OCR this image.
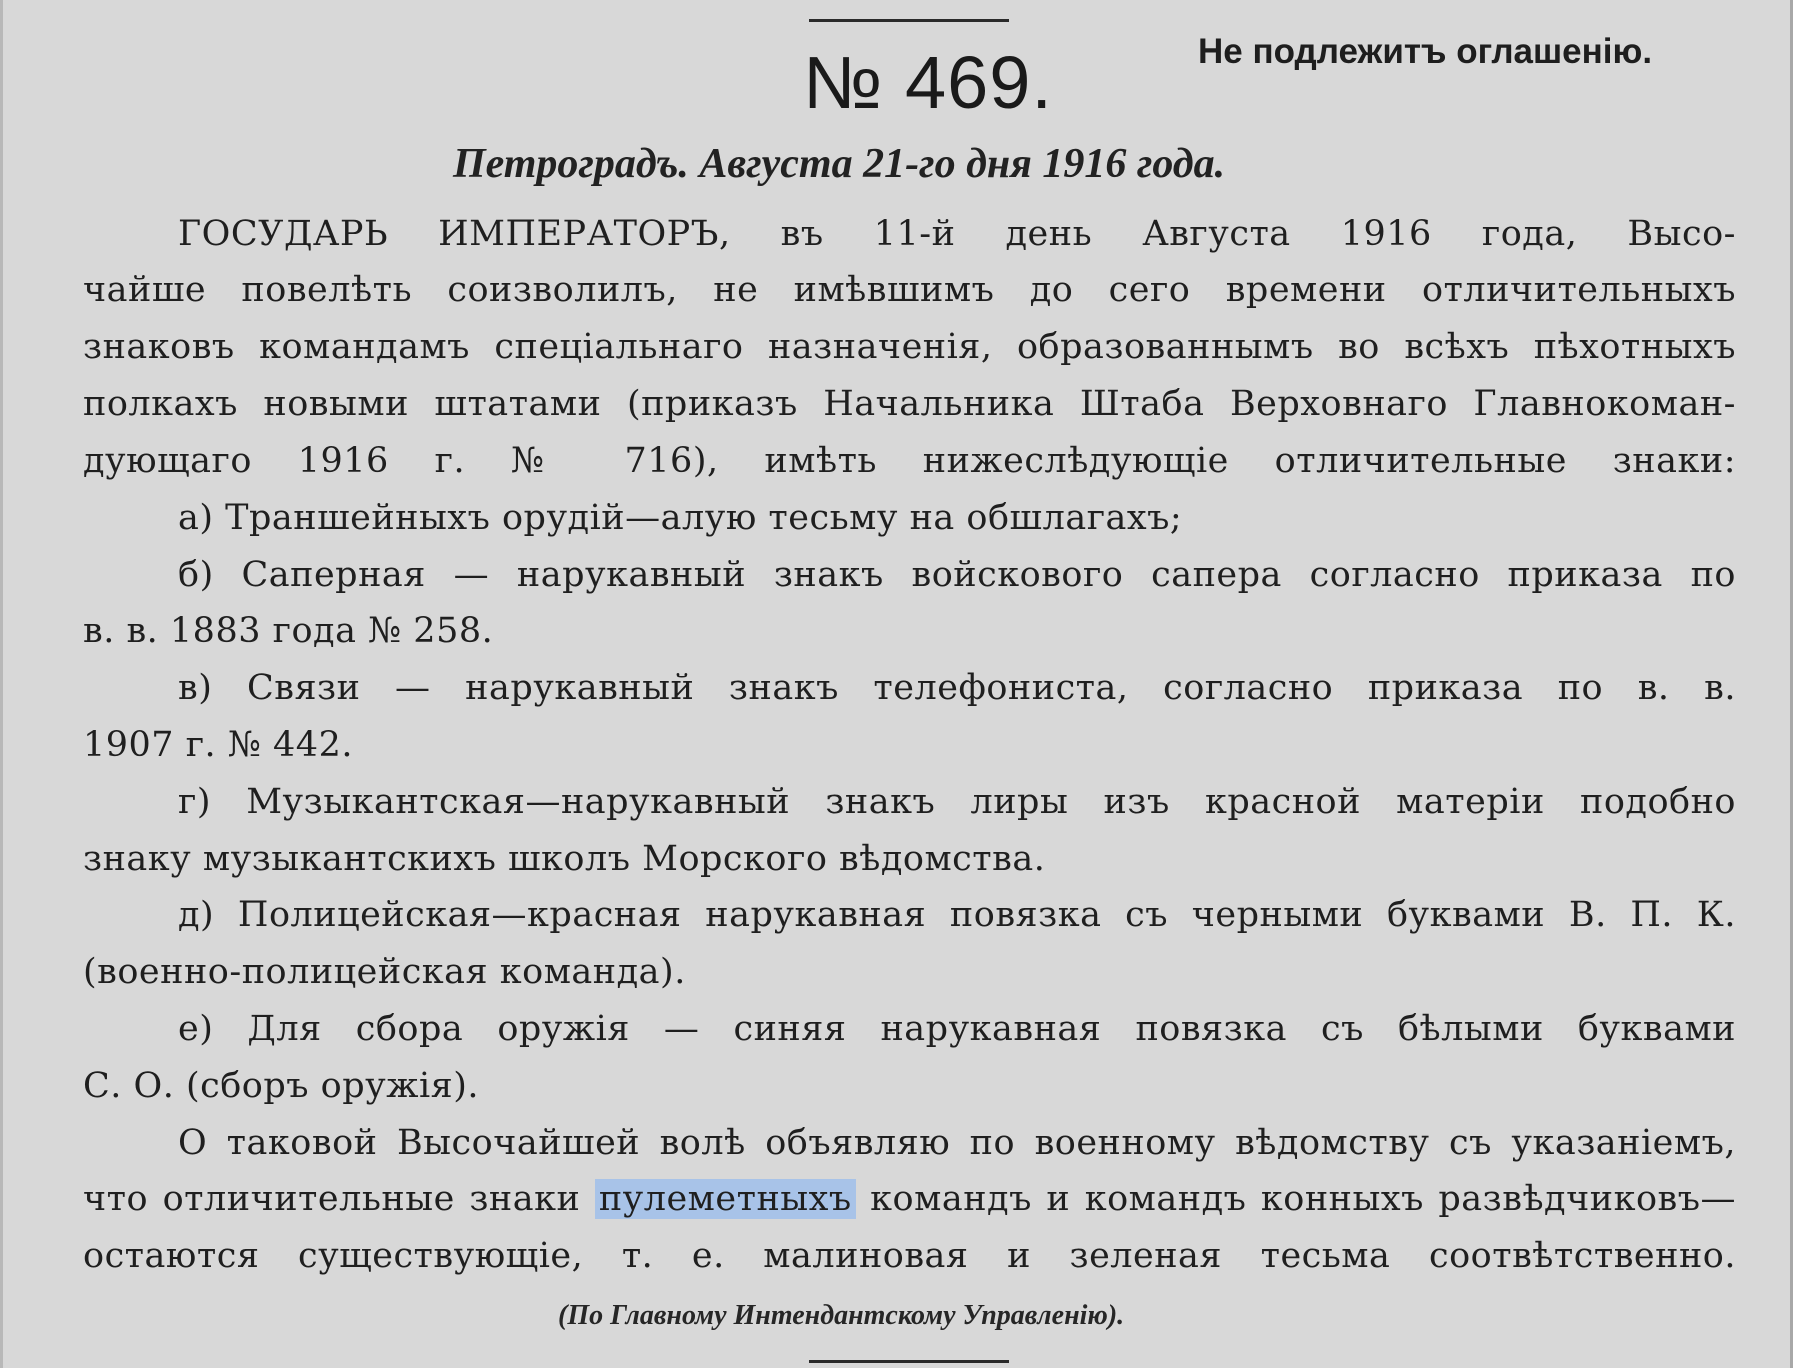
№ 469.	Не подлежитъ оглашенію.
Петроградъ. Августа 21-го дня 1916 года.
ГОСУДАРЬ ИМПЕРАТОРЪ, въ 11-й день Августа 1916 года, Высо-
чайше повелѣть соизволилъ, не имѣвшимъ до сего времени отличительныхъ
знаковъ командамъ спеціальнаго назначенія, образованнымъ во всѣхъ пѣхотныхъ
полкахъ новыми штатами (приказъ Начальника Штаба Верховнаго Главнокоман-
дующаго 1916 г. № 716), имѣть нижеслѣдующіе отличительные знаки:
а) Траншейныхъ орудій—алую тесьму на обшлагахъ;
б) Саперная — нарукавный знакъ войскового сапера согласно приказа по
в. в. 1883 года № 258.
в) Связи — нарукавный знакъ телефониста, согласно приказа по в. в.
1907 г. № 442.
г) Музыкантская—нарукавный знакъ лиры изъ красной матеріи подобно
знаку музыкантскихъ школъ Морского вѣдомства.
д) Полицейская—красная нарукавная повязка съ черными буквами В. П. К.
(военно-полицейская команда).
е) Для сбора оружія — синяя нарукавная повязка съ бѣлыми буквами
С. О. (сборъ оружія).
О таковой Высочайшей волѣ объявляю по военному вѣдомству съ указаніемъ,
что отличительные знаки пулеметныхъ командъ и командъ конныхъ развѣдчиковъ—
остаются существующіе, т. е. малиновая и зеленая тесьма соотвѣтственно.
(По Главному Интендантскому Управленію).
